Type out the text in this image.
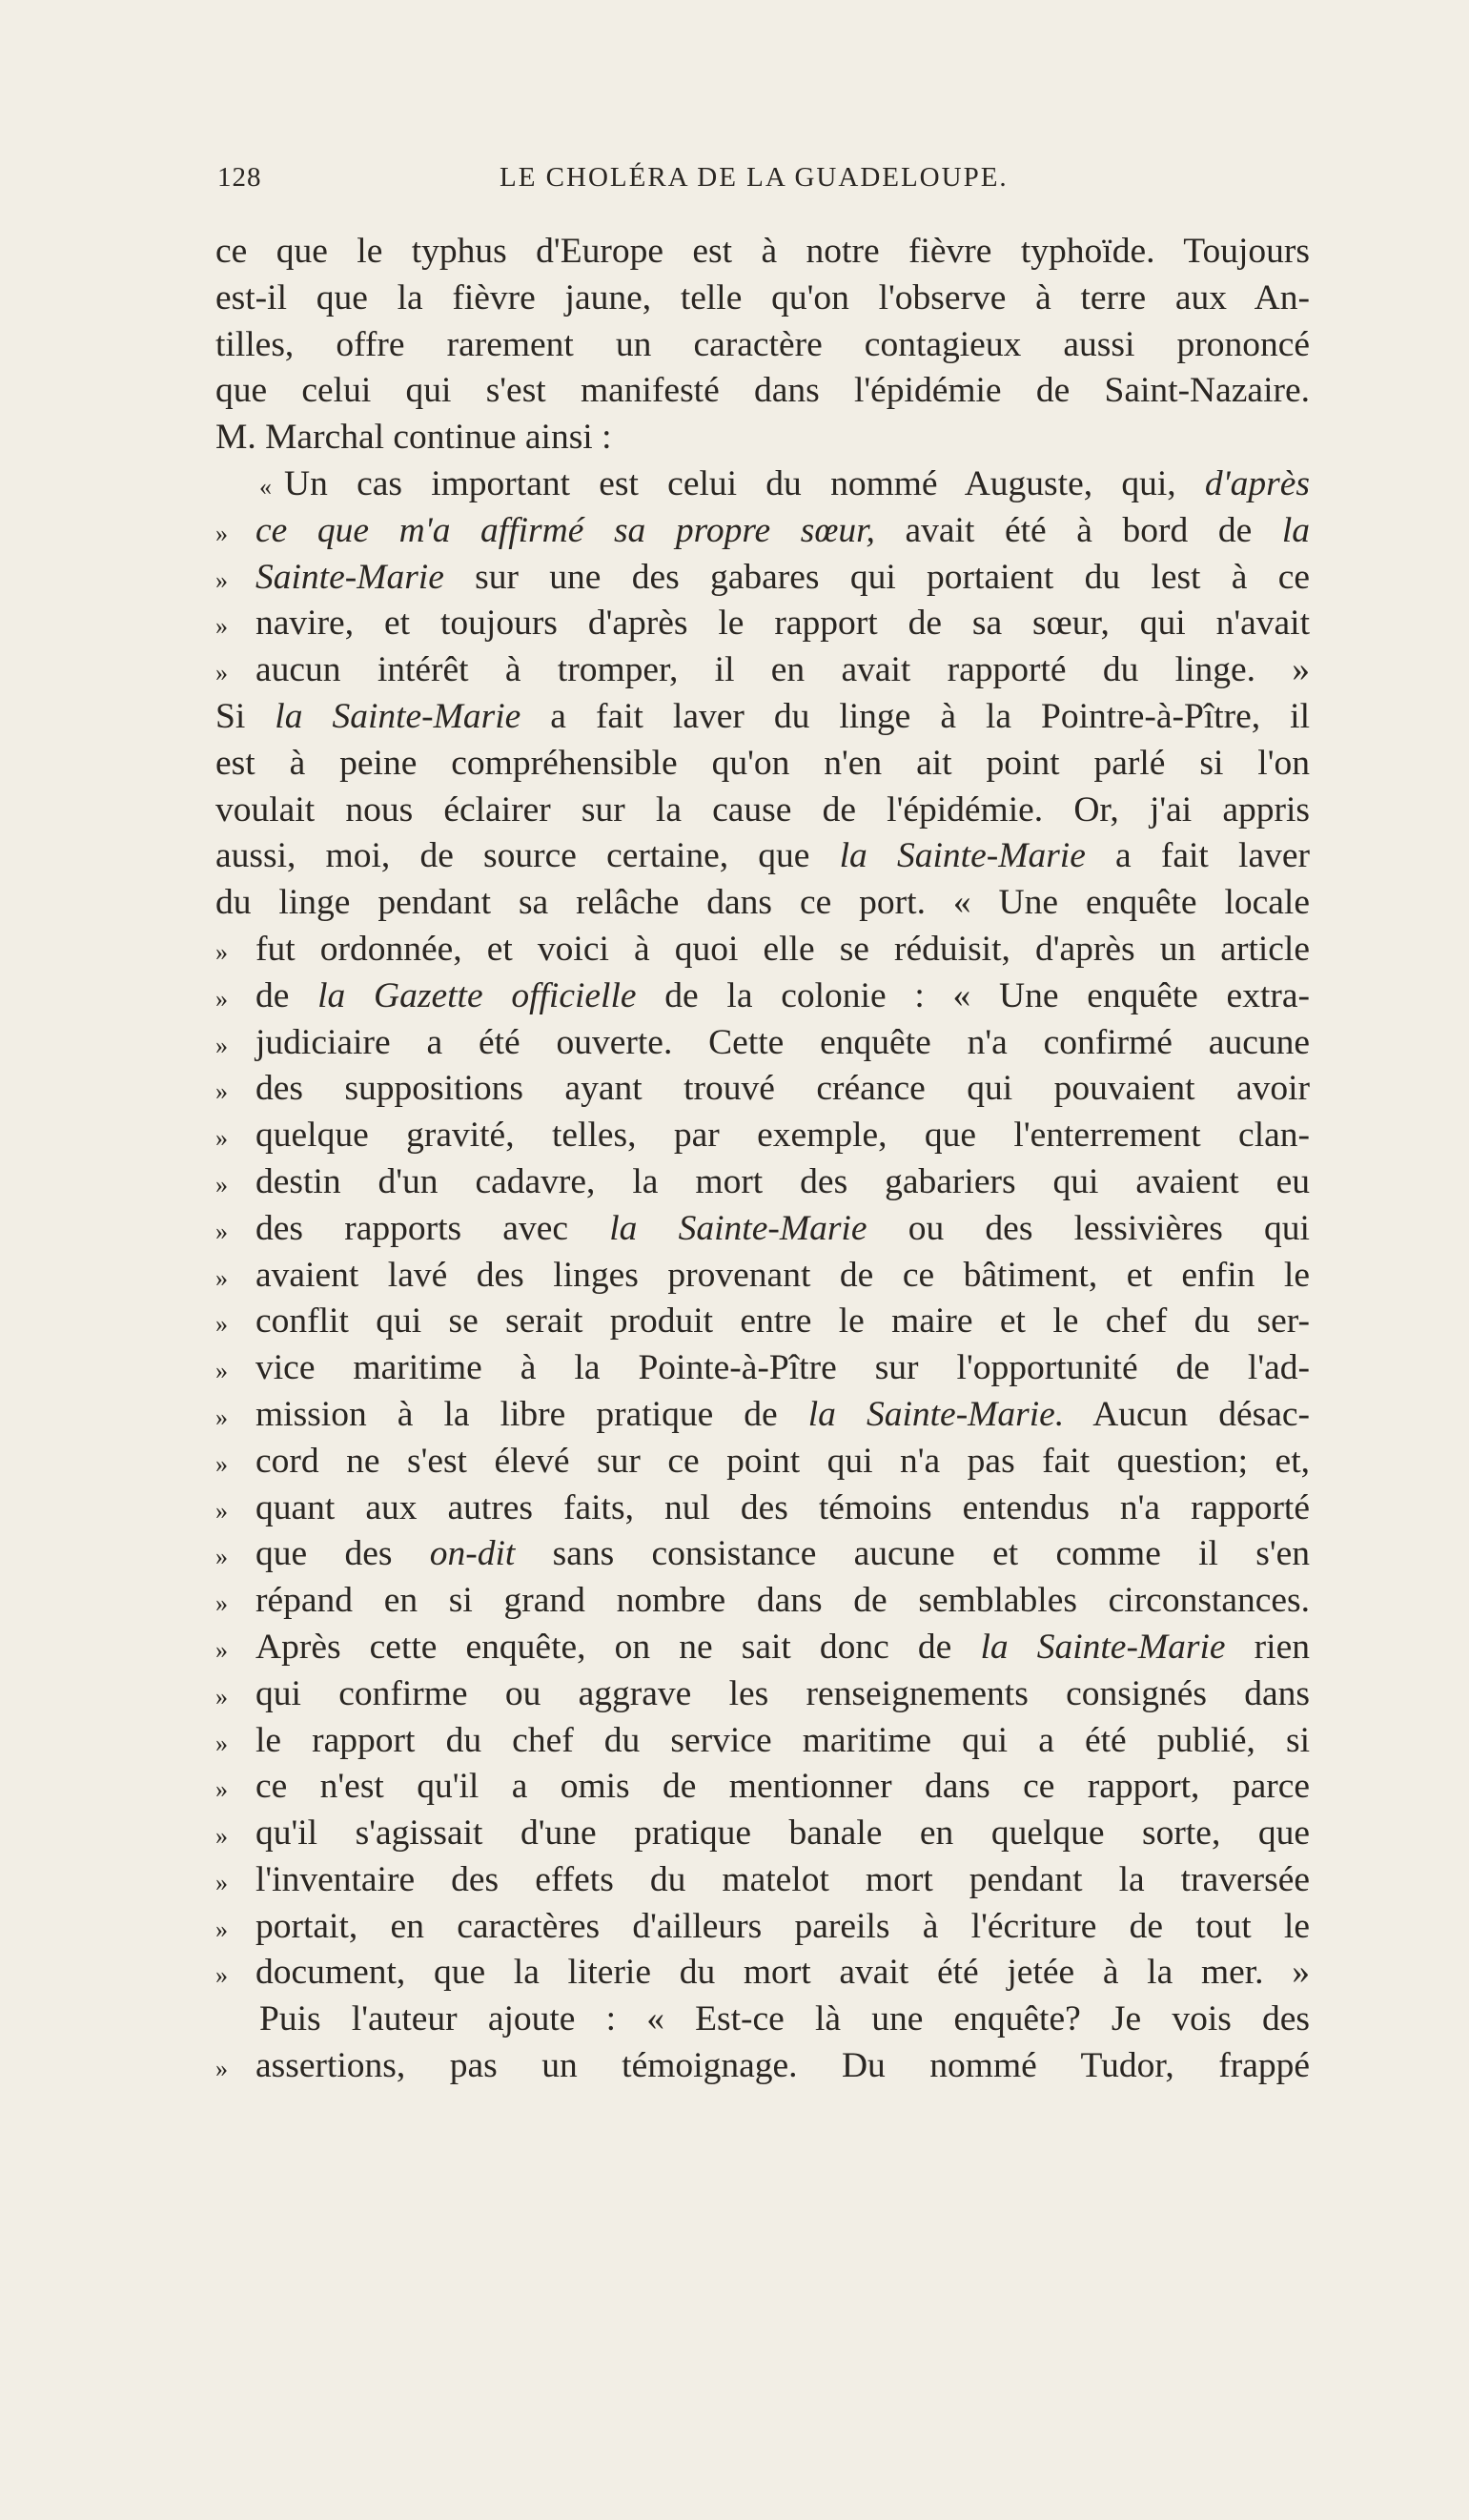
128	LE CHOLÉRA DE LA GUADELOUPE.
ce que le typhus d'Europe est à notre fièvre typhoïde. Toujours
est-il que la fièvre jaune, telle qu'on l'observe à terre aux An-
tilles, offre rarement un caractère contagieux aussi prononcé
que celui qui s'est manifesté dans l'épidémie de Saint-Nazaire.
M. Marchal continue ainsi :
« Un cas important est celui du nommé Auguste, qui, d'après
» ce que m'a affirmé sa propre sœur, avait été à bord de la
» Sainte-Marie sur une des gabares qui portaient du lest à ce
» navire, et toujours d'après le rapport de sa sœur, qui n'avait
» aucun intérêt à tromper, il en avait rapporté du linge. »
Si la Sainte-Marie a fait laver du linge à la Pointre-à-Pître, il
est à peine compréhensible qu'on n'en ait point parlé si l'on
voulait nous éclairer sur la cause de l'épidémie. Or, j'ai appris
aussi, moi, de source certaine, que la Sainte-Marie a fait laver
du linge pendant sa relâche dans ce port. « Une enquête locale
» fut ordonnée, et voici à quoi elle se réduisit, d'après un article
» de la Gazette officielle de la colonie : « Une enquête extra-
» judiciaire a été ouverte. Cette enquête n'a confirmé aucune
» des suppositions ayant trouvé créance qui pouvaient avoir
» quelque gravité, telles, par exemple, que l'enterrement clan-
» destin d'un cadavre, la mort des gabariers qui avaient eu
» des rapports avec la Sainte-Marie ou des lessivières qui
» avaient lavé des linges provenant de ce bâtiment, et enfin le
» conflit qui se serait produit entre le maire et le chef du ser-
» vice maritime à la Pointe-à-Pître sur l'opportunité de l'ad-
» mission à la libre pratique de la Sainte-Marie. Aucun désac-
» cord ne s'est élevé sur ce point qui n'a pas fait question; et,
» quant aux autres faits, nul des témoins entendus n'a rapporté
» que des on-dit sans consistance aucune et comme il s'en
» répand en si grand nombre dans de semblables circonstances.
» Après cette enquête, on ne sait donc de la Sainte-Marie rien
» qui confirme ou aggrave les renseignements consignés dans
» le rapport du chef du service maritime qui a été publié, si
» ce n'est qu'il a omis de mentionner dans ce rapport, parce
» qu'il s'agissait d'une pratique banale en quelque sorte, que
» l'inventaire des effets du matelot mort pendant la traversée
» portait, en caractères d'ailleurs pareils à l'écriture de tout le
» document, que la literie du mort avait été jetée à la mer. »
Puis l'auteur ajoute : « Est-ce là une enquête? Je vois des
» assertions, pas un témoignage. Du nommé Tudor, frappé
